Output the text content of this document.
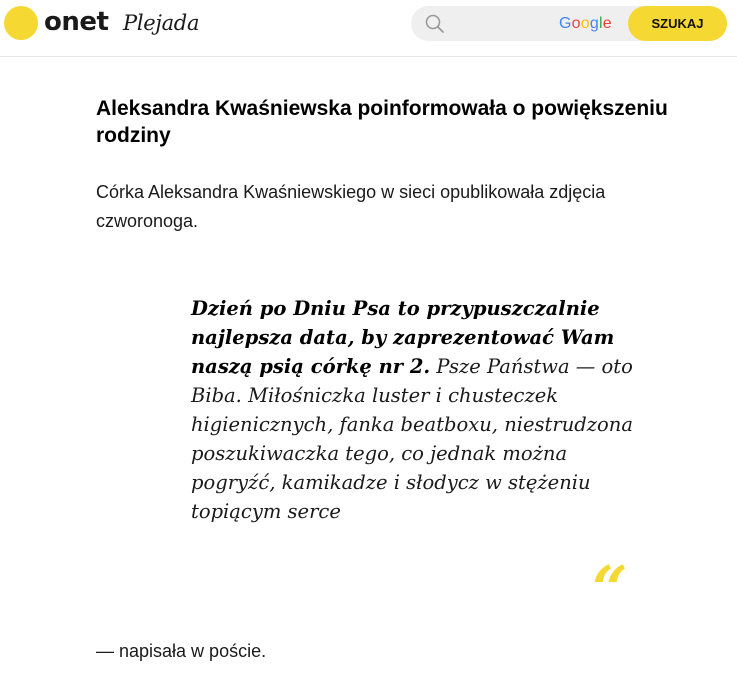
onet Plejada	Google	SZUKAJ
Aleksandra Kwaśniewska poinformowała o powiększeniu rodziny

Córka Aleksandra Kwaśniewskiego w sieci opublikowała zdjęcia czworonoga.

Dzień po Dniu Psa to przypuszczalnie najlepsza data, by zaprezentować Wam naszą psią córkę nr 2. Psze Państwa — oto Biba. Miłośniczka luster i chusteczek higienicznych, fanka beatboxu, niestrudzona poszukiwaczka tego, co jednak można pogryźć, kamikadze i słodycz w stężeniu topiącym serce

“

— napisała w poście.
